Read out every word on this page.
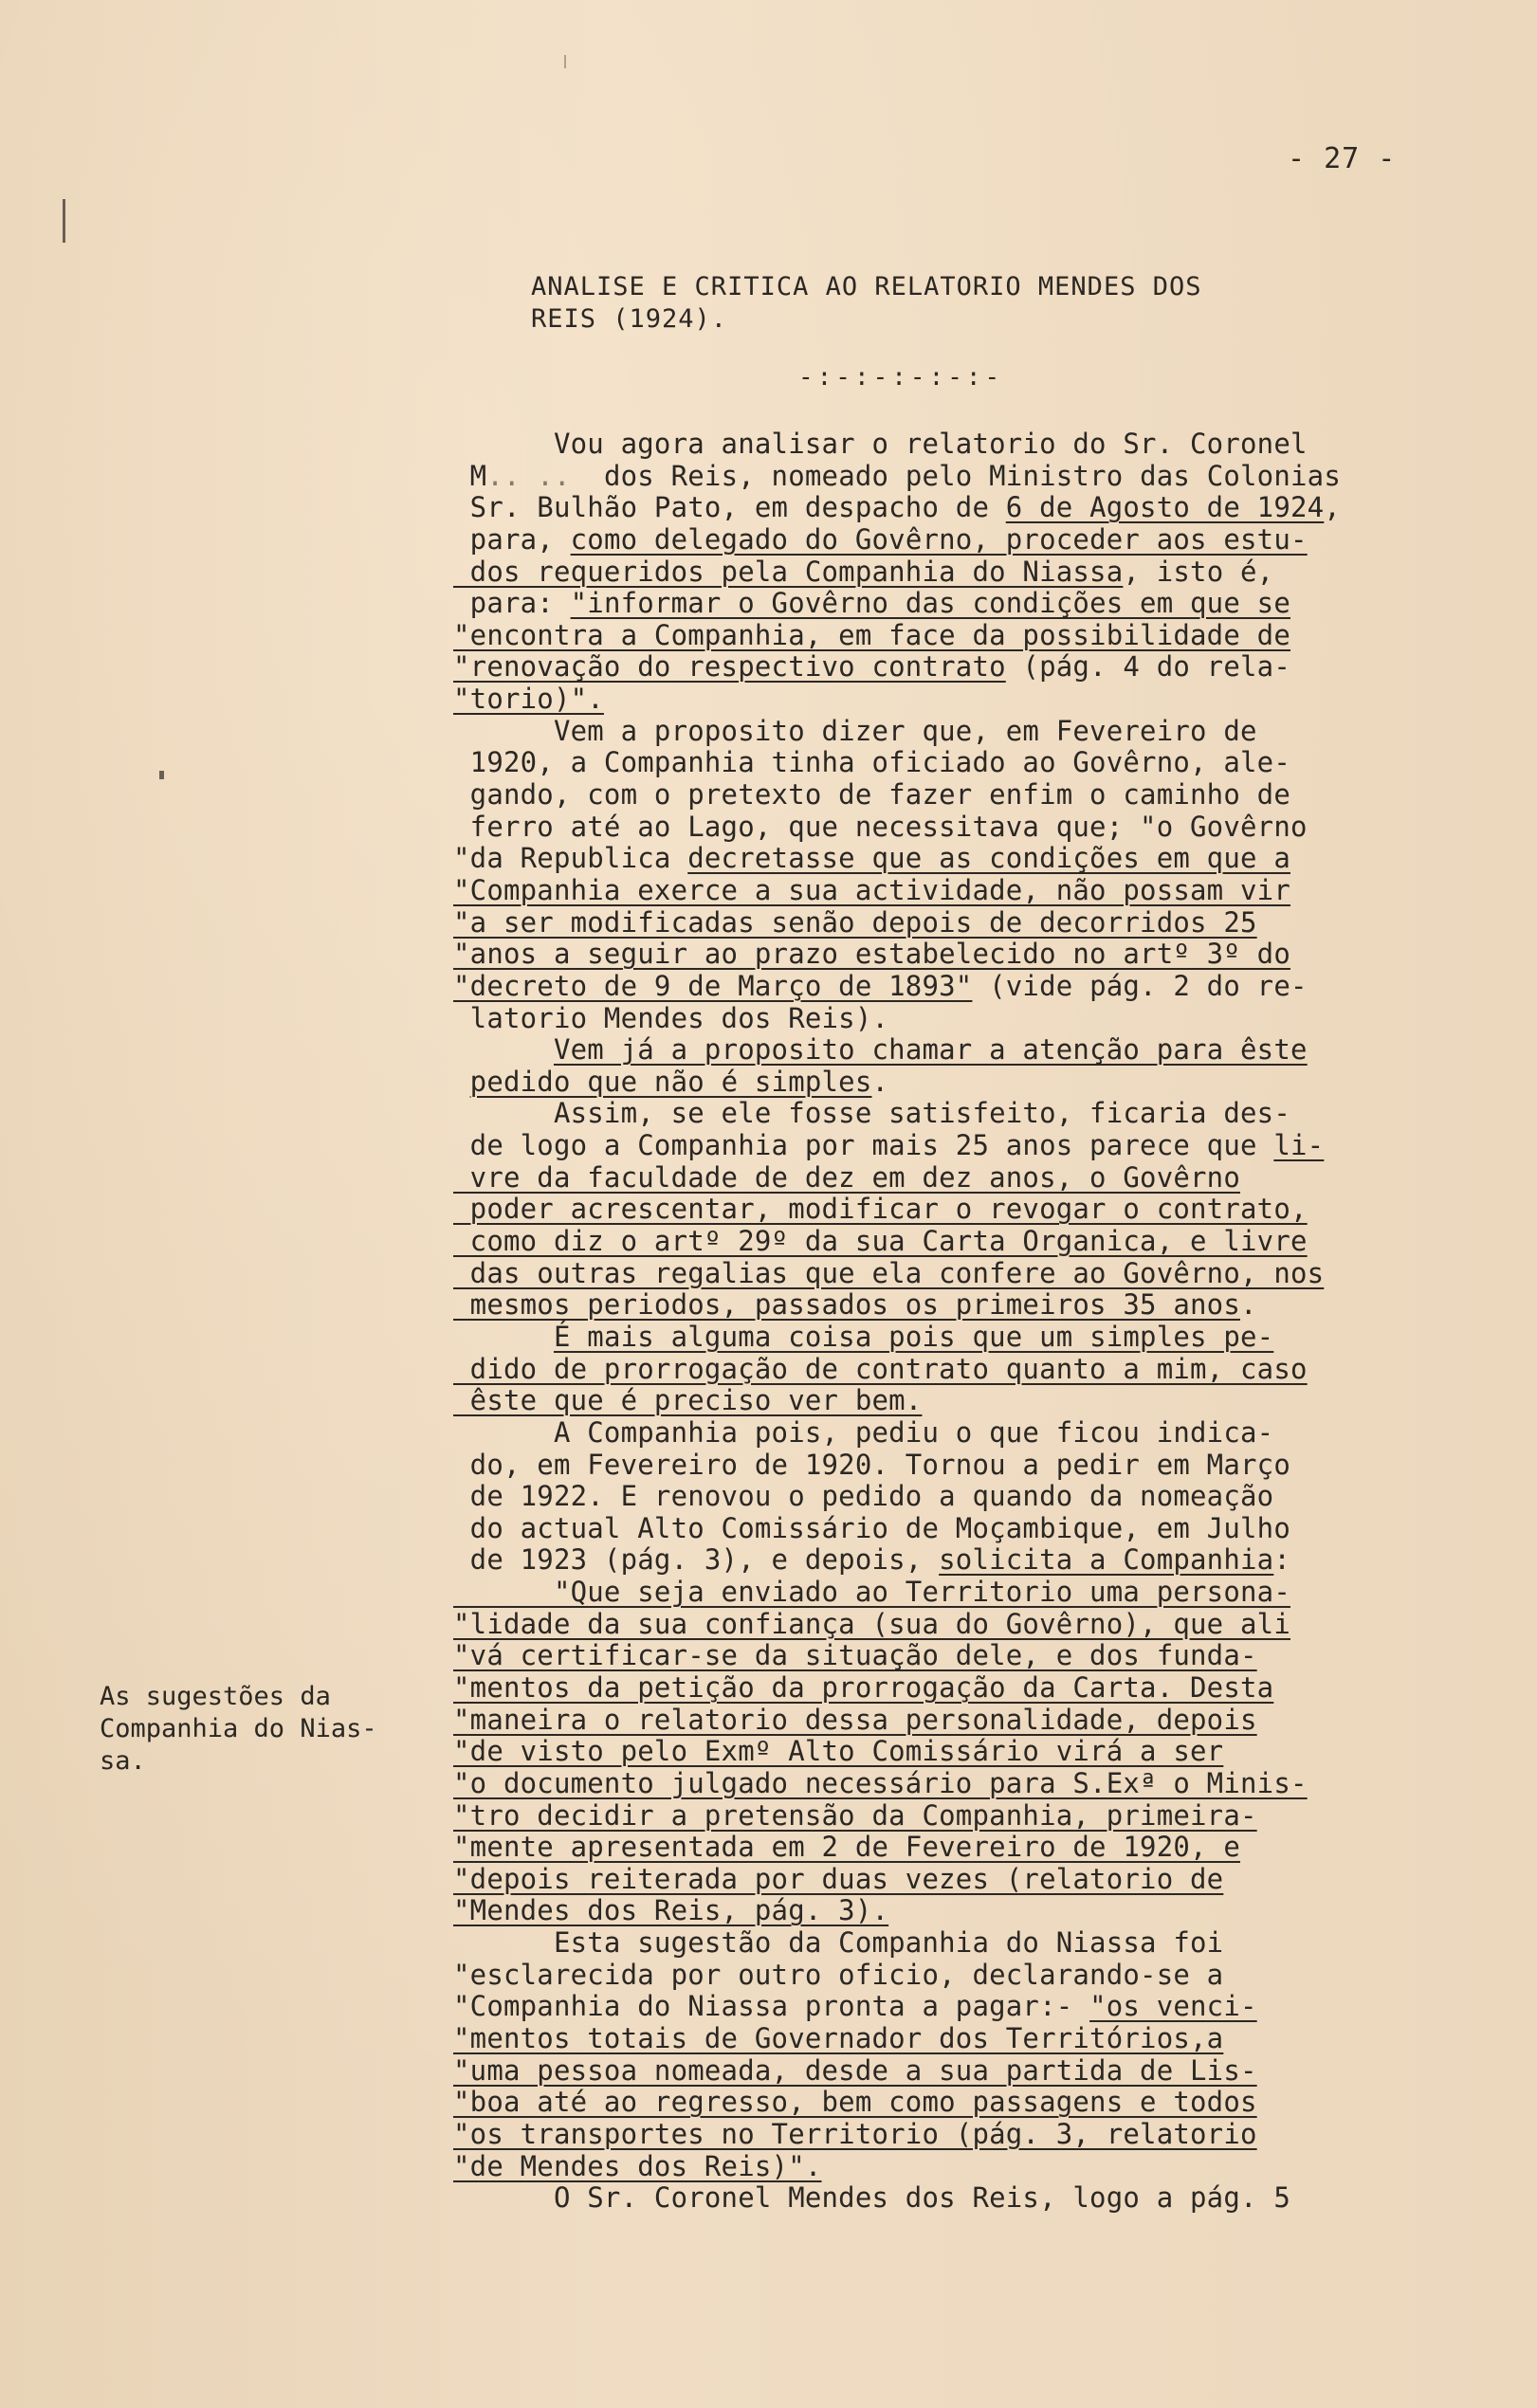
- 27 -
ANALISE E CRITICA AO RELATORIO MENDES DOS
REIS (1924).
-:-:-:-:-:-
As sugestões da
Companhia do Nias-
sa.
Vou agora analisar o relatorio do Sr. Coronel
M.. ..  dos Reis, nomeado pelo Ministro das Colonias
Sr. Bulhão Pato, em despacho de 6 de Agosto de 1924,
para, como delegado do Govêrno, proceder aos estu-
dos requeridos pela Companhia do Niassa, isto é,
para: "informar o Govêrno das condições em que se
"encontra a Companhia, em face da possibilidade de
"renovação do respectivo contrato (pág. 4 do rela-
"torio)".
Vem a proposito dizer que, em Fevereiro de
1920, a Companhia tinha oficiado ao Govêrno, ale-
gando, com o pretexto de fazer enfim o caminho de
ferro até ao Lago, que necessitava que; "o Govêrno
"da Republica decretasse que as condições em que a
"Companhia exerce a sua actividade, não possam vir
"a ser modificadas senão depois de decorridos 25
"anos a seguir ao prazo estabelecido no artº 3º do
"decreto de 9 de Março de 1893" (vide pág. 2 do re-
latorio Mendes dos Reis).
Vem já a proposito chamar a atenção para êste
pedido que não é simples.
Assim, se ele fosse satisfeito, ficaria des-
de logo a Companhia por mais 25 anos parece que li-
vre da faculdade de dez em dez anos, o Govêrno
poder acrescentar, modificar o revogar o contrato,
como diz o artº 29º da sua Carta Organica, e livre
das outras regalias que ela confere ao Govêrno, nos
mesmos periodos, passados os primeiros 35 anos.
É mais alguma coisa pois que um simples pe-
dido de prorrogação de contrato quanto a mim, caso
êste que é preciso ver bem.
A Companhia pois, pediu o que ficou indica-
do, em Fevereiro de 1920. Tornou a pedir em Março
de 1922. E renovou o pedido a quando da nomeação
do actual Alto Comissário de Moçambique, em Julho
de 1923 (pág. 3), e depois, solicita a Companhia:
"Que seja enviado ao Territorio uma persona-
"lidade da sua confiança (sua do Govêrno), que ali
"vá certificar-se da situação dele, e dos funda-
"mentos da petição da prorrogação da Carta. Desta
"maneira o relatorio dessa personalidade, depois
"de visto pelo Exmº Alto Comissário virá a ser
"o documento julgado necessário para S.Exª o Minis-
"tro decidir a pretensão da Companhia, primeira-
"mente apresentada em 2 de Fevereiro de 1920, e
"depois reiterada por duas vezes (relatorio de
"Mendes dos Reis, pág. 3).
Esta sugestão da Companhia do Niassa foi
"esclarecida por outro oficio, declarando-se a
"Companhia do Niassa pronta a pagar:- "os venci-
"mentos totais de Governador dos Territórios,a
"uma pessoa nomeada, desde a sua partida de Lis-
"boa até ao regresso, bem como passagens e todos
"os transportes no Territorio (pág. 3, relatorio
"de Mendes dos Reis)".
O Sr. Coronel Mendes dos Reis, logo a pág. 5
